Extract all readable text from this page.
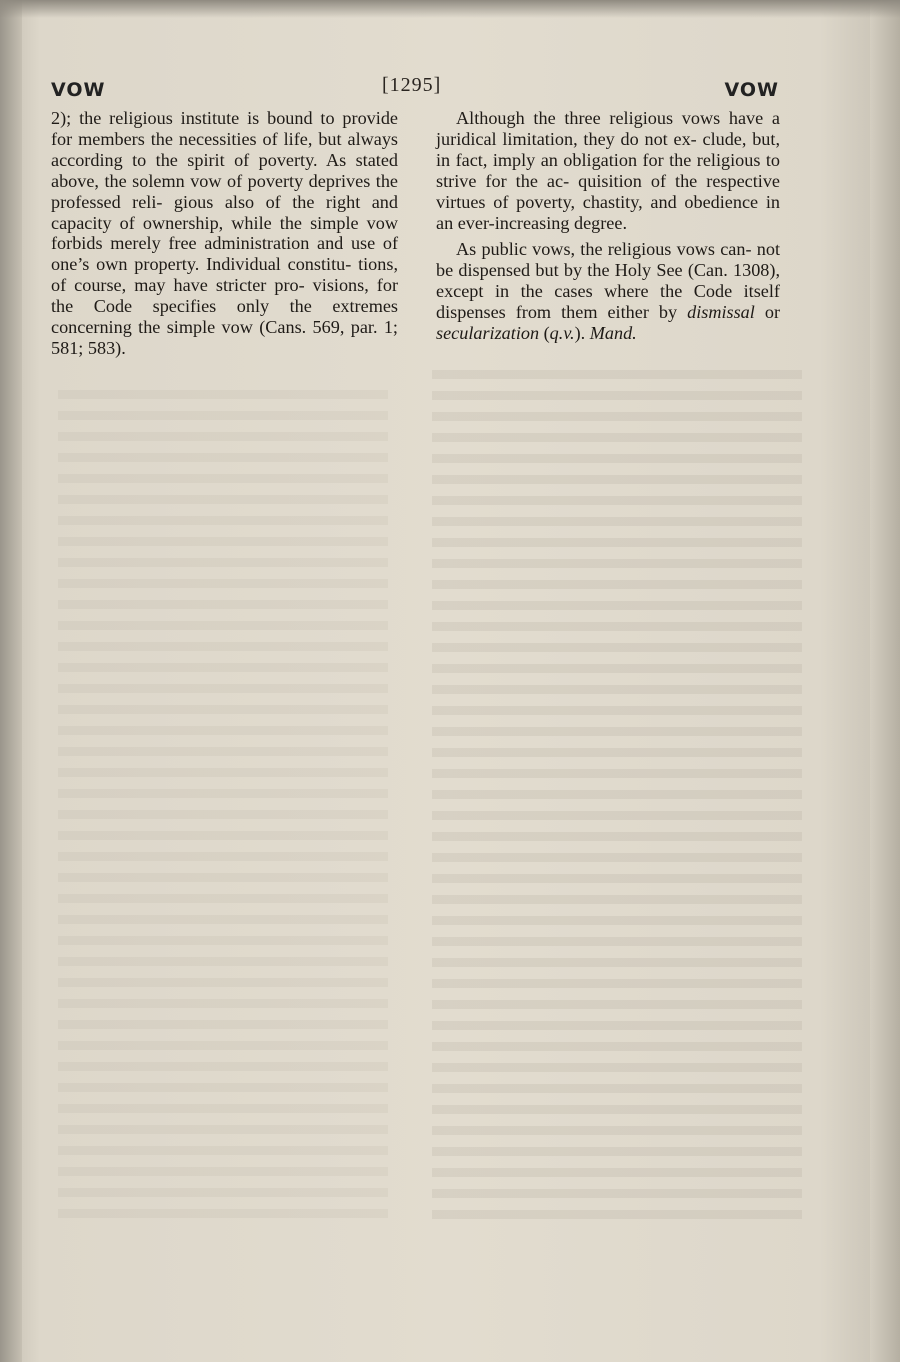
VOW	[1295]	VOW

2); the religious institute is bound to provide for members the necessities of life, but always according to the spirit of poverty. As stated above, the solemn vow of poverty deprives the professed reli- gious also of the right and capacity of ownership, while the simple vow forbids merely free administration and use of one’s own property. Individual constitu- tions, of course, may have stricter pro- visions, for the Code specifies only the extremes concerning the simple vow (Cans. 569, par. 1; 581; 583).

Although the three religious vows have a juridical limitation, they do not ex- clude, but, in fact, imply an obligation for the religious to strive for the ac- quisition of the respective virtues of poverty, chastity, and obedience in an ever-increasing degree.

As public vows, the religious vows can- not be dispensed but by the Holy See (Can. 1308), except in the cases where the Code itself dispenses from them either by dismissal or secularization (q.v.). Mand.
